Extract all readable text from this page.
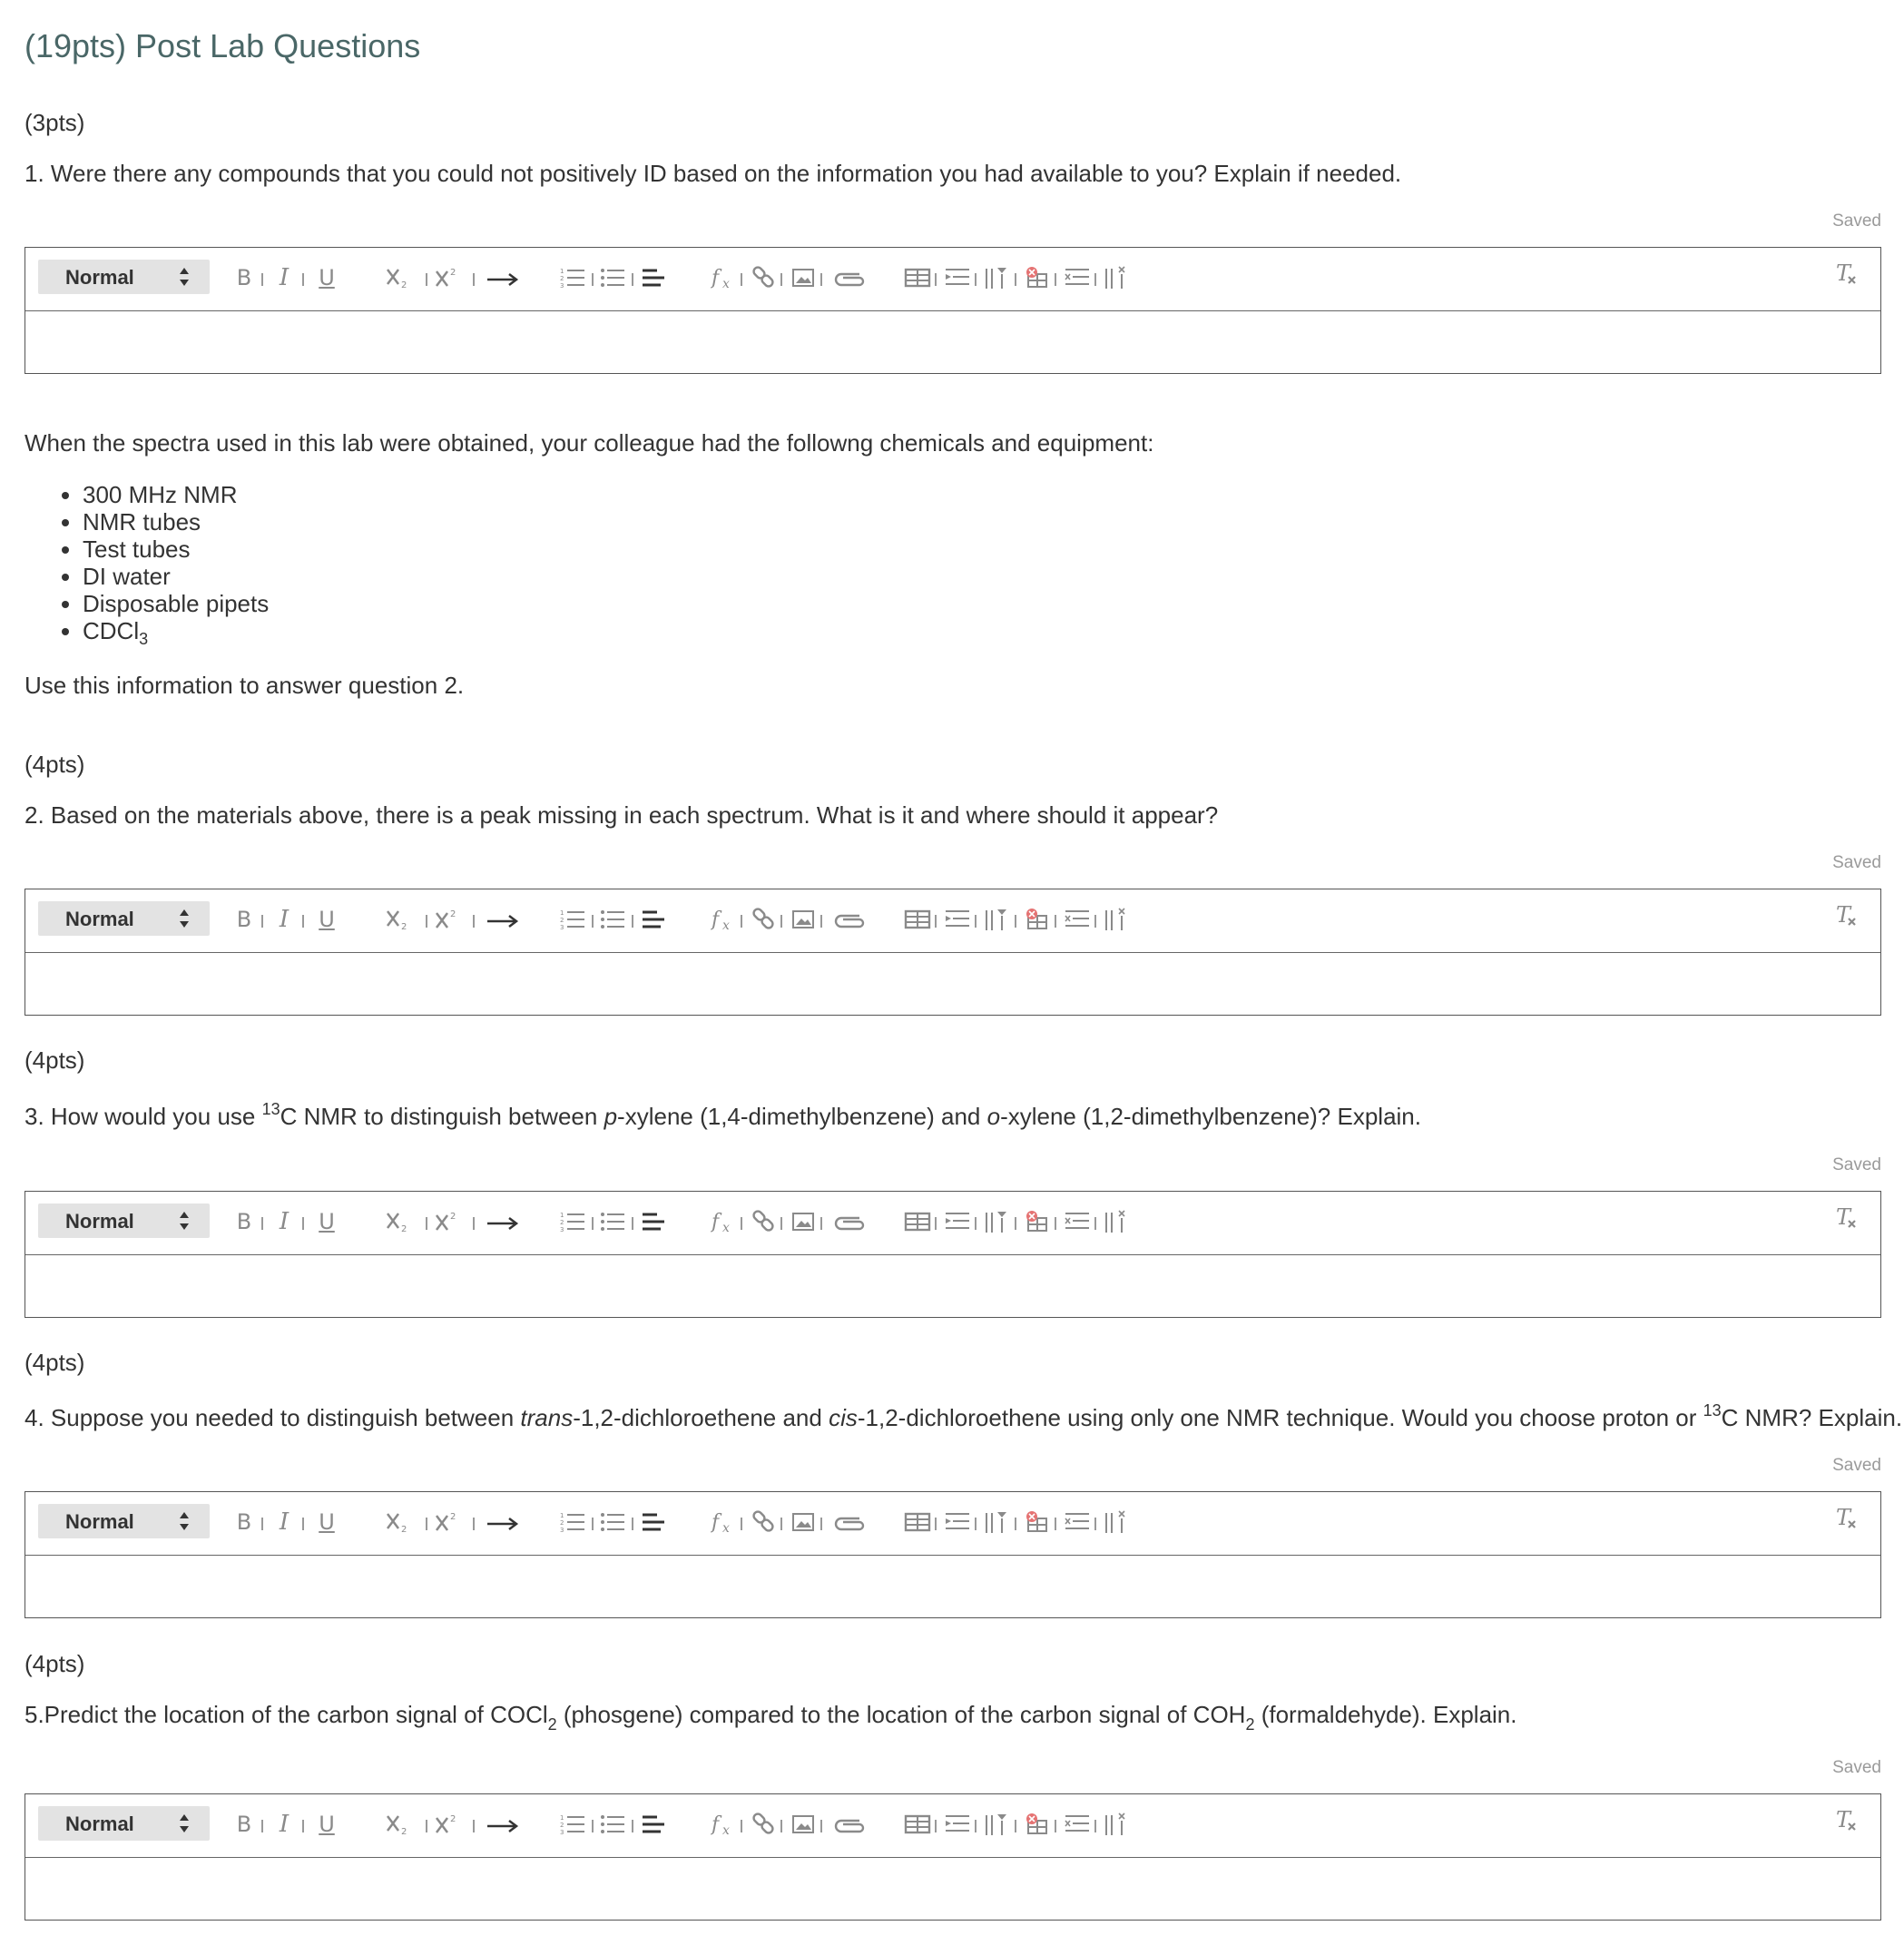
(19pts) Post Lab Questions
(3pts)
1. Were there any compounds that you could not positively ID based on the information you had available to you? Explain if needed.
Saved
Normal	B I U	2
2	1
2
3	f x	T
When the spectra used in this lab were obtained, your colleague had the followng chemicals and equipment:
• 300 MHz NMR
• NMR tubes
• Test tubes
• DI water
• Disposable pipets
• CDCl$_3$
Use this information to answer question 2.
(4pts)
2. Based on the materials above, there is a peak missing in each spectrum. What is it and where should it appear?
Saved
Normal	B I U	2
2	1
2
3	f x	T
(4pts)
3. How would you use $^{13}$C NMR to distinguish between p-xylene (1,4-dimethylbenzene) and o-xylene (1,2-dimethylbenzene)? Explain.
Saved
Normal	B I U	2
2	1
2
3	f x	T
(4pts)
4. Suppose you needed to distinguish between trans-1,2-dichloroethene and cis-1,2-dichloroethene using only one NMR technique. Would you choose proton or $^{13}$C NMR? Explain.
Saved
Normal	B I U	2
2	1
2
3	f x	T
(4pts)
5.Predict the location of the carbon signal of COCl$_2$ (phosgene) compared to the location of the carbon signal of $COH_2$ (formaldehyde). Explain.
Saved
Normal	B I U	2
2	1
2
3	f x	T
